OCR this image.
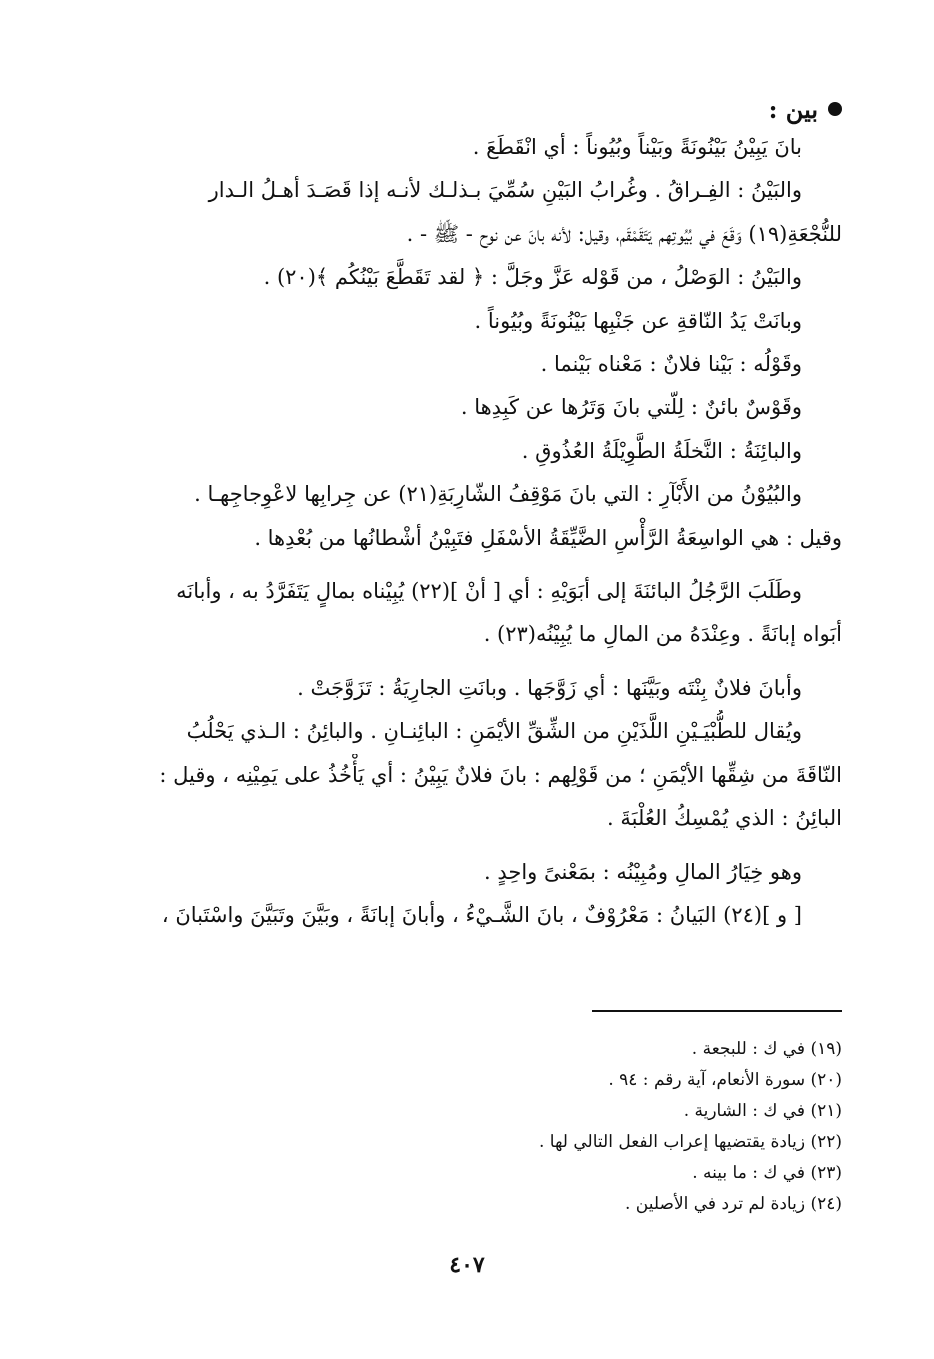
بين :
بانَ يَبِيْنُ بَيْنُونَةً وبَيْناً وبُيُوناً : أي انْقَطَعَ .
والبَيْنُ : الفِـراقُ . وغُرابُ البَيْنِ سُمِّيَ بـذلـك لأنـه إذا قَصَـدَ أهـلُ الـدار
للنُّجْعَةِ(١٩) وَقَعَ في بُيُوتِهم يَتَقَمْقَم، وقيل: لأنه بانَ عن نوح - ﷺ - .
والبَيْنُ : الوَصْلُ ، من قَوْله عَزَّ وجَلَّ : ﴿ لقد تَقَطَّعَ بَيْنُكُم ﴾(٢٠) .
وبانَتْ يَدُ النّاقةِ عن جَنْبِها بَيْنُونَةً وبُيُوناً .
وقَوْلُه : بَيْنا فلانٌ : مَعْناه بَيْنما .
وقَوْسٌ بائنٌ : لِلّتي بانَ وَتَرُها عن كَبِدِها .
والبائِنَةُ : النَّخلَةُ الطَّوِيْلَةُ العُذُوقِ .
والبُيُوْنُ من الأَبْآرِ : التي بانَ مَوْقِفُ الشّارِبَةِ(٢١) عن جِرابِها لاعْوِجاجِهـا .
وقيل : هي الواسِعَةُ الرَّأْسِ الضَّيِّقَةُ الأسْفَلِ فتَبِيْنُ أشْطانُها من بُعْدِها .
وطَلَبَ الرَّجُلُ البائنَةَ إلى أبَوَيْهِ : أي [ أنْ ](٢٢) يُبِيْناه بمالٍ يَتَفَرَّدُ به ، وأبانَه
أبَواه إبانَةً . وعِنْدَهُ من المالِ ما يُبِيْنُه(٢٣) .
وأبانَ فلانٌ بِنْتَه وبَيَّنَها : أي زَوَّجَها . وبانَتِ الجارِيَةُ : تَزَوَّجَتْ .
ويُقال للطُّبْيَـيْنِ اللَّذَيْنِ من الشِّقِّ الأيْمَنِ : البائِنـانِ . والبائِنُ : الـذي يَحْلُبُ
النّاقَةَ من شِقِّها الأيْمَنِ ؛ من قَوْلِهم : بانَ فلانٌ يَبِيْنُ : أي يَأْخُذُ على يَمِيْنِه ، وقيل :
البائِنُ : الذي يُمْسِكُ العُلْبَةَ .
وهو خِيَارُ المالِ ومُبِيْنُه : بمَعْنىً واحِدٍ .
[ و ](٢٤) البَيانُ : مَعْرُوْفٌ ، بانَ الشَّـيْءُ ، وأبانَ إبانَةً ، وبَيَّنَ وتَبَيَّنَ واسْتَبانَ ،
(١٩) في ك : للبجعة .
(٢٠) سورة الأنعام، آية رقم : ٩٤ .
(٢١) في ك : الشارية .
(٢٢) زيادة يقتضيها إعراب الفعل التالي لها .
(٢٣) في ك : ما بينه .
(٢٤) زيادة لم ترد في الأصلين .
٤٠٧
